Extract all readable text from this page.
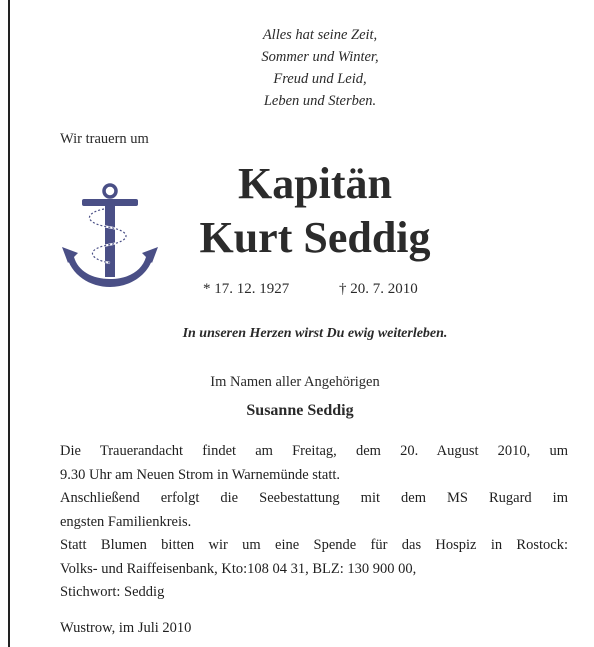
Alles hat seine Zeit,
Sommer und Winter,
Freud und Leid,
Leben und Sterben.
Wir trauern um
Kapitän
Kurt Seddig
* 17. 12. 1927	† 20. 7. 2010
In unseren Herzen wirst Du ewig weiterleben.
Im Namen aller Angehörigen
Susanne Seddig
Die Trauerandacht findet am Freitag, dem 20. August 2010, um
9.30 Uhr am Neuen Strom in Warnemünde statt.
Anschließend erfolgt die Seebestattung mit dem MS Rugard im
engsten Familienkreis.
Statt Blumen bitten wir um eine Spende für das Hospiz in Rostock:
Volks- und Raiffeisenbank, Kto:108 04 31, BLZ: 130 900 00,
Stichwort: Seddig
Wustrow, im Juli 2010
